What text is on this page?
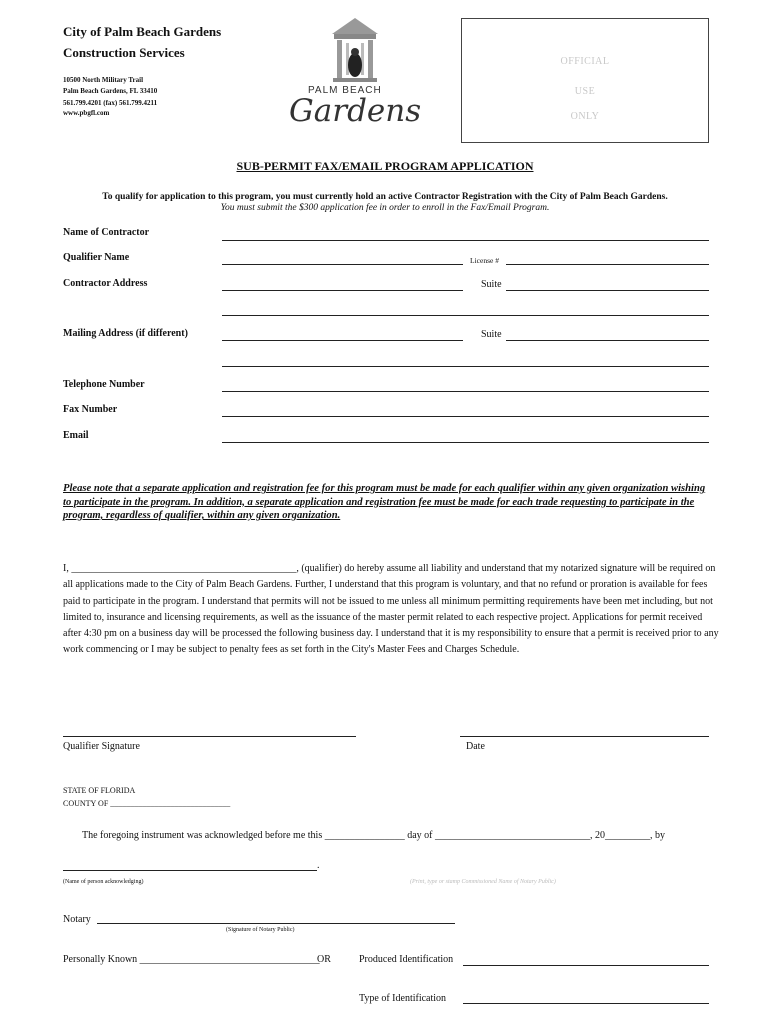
City of Palm Beach Gardens
Construction Services
10500 North Military Trail
Palm Beach Gardens, FL 33410
561.799.4201 (fax) 561.799.4211
www.pbgfl.com
PALM BEACH
Gardens
OFFICIAL
USE
ONLY
SUB-PERMIT FAX/EMAIL PROGRAM APPLICATION
To qualify for application to this program, you must currently hold an active Contractor Registration with the City of Palm Beach Gardens.
You must submit the $300 application fee in order to enroll in the Fax/Email Program.
Name of Contractor
Qualifier Name	License #
Contractor Address	Suite
Mailing Address (if different)	Suite
Telephone Number
Fax Number
Email
Please note that a separate application and registration fee for this program must be made for each qualifier within any given organization wishing to participate in the program. In addition, a separate application and registration fee must be made for each trade requesting to participate in the program, regardless of qualifier, within any given organization.
I, _____________________________________________, (qualifier) do hereby assume all liability and understand that my notarized signature will be required on all applications made to the City of Palm Beach Gardens. Further, I understand that this program is voluntary, and that no refund or proration is available for fees paid to participate in the program. I understand that permits will not be issued to me unless all minimum permitting requirements have been met including, but not limited to, insurance and licensing requirements, as well as the issuance of the master permit related to each respective project. Applications for permit received after 4:30 pm on a business day will be processed the following business day. I understand that it is my responsibility to ensure that a permit is received prior to any work commencing or I may be subject to penalty fees as set forth in the City's Master Fees and Charges Schedule.
Qualifier Signature	Date
STATE OF FLORIDA
COUNTY OF ______________________________
The foregoing instrument was acknowledged before me this ________________ day of _______________________________, 20_________, by
.
(Name of person acknowledging)	(Print, type or stamp Commissioned Name of Notary Public)
Notary
(Signature of Notary Public)
Personally Known ____________________________________
OR	Produced Identification
Type of Identification
